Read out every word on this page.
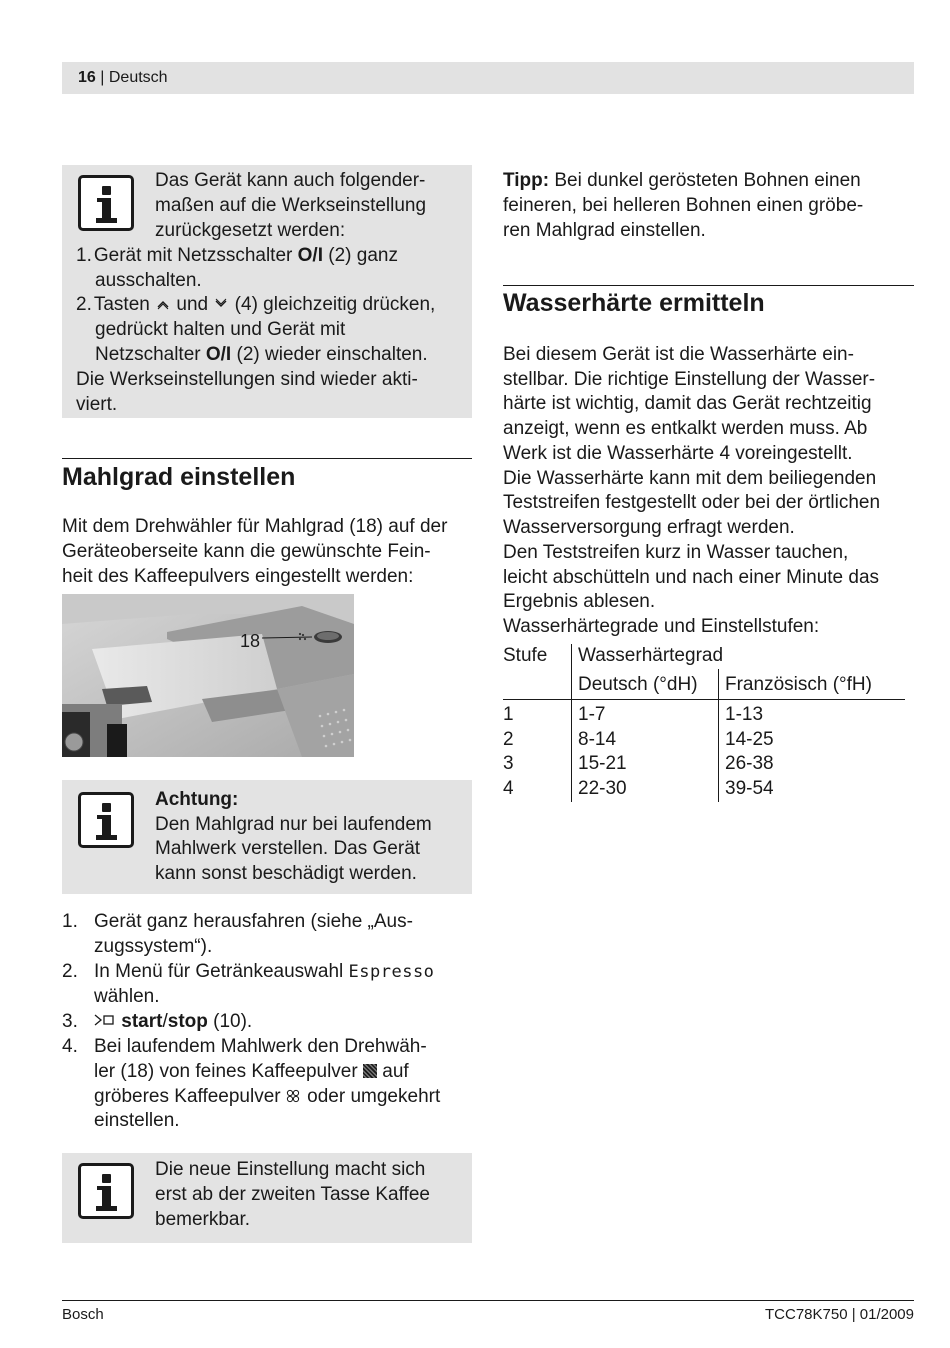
16 | Deutsch
Das Gerät kann auch folgender-
maßen auf die Werkseinstellung
zurückgesetzt werden:
1. Gerät mit Netzsschalter O/I (2) ganz
ausschalten.
2. Tasten  und  (4) gleichzeitig drücken,
gedrückt halten und Gerät mit
Netzschalter O/I (2) wieder einschalten.
Die Werkseinstellungen sind wieder akti-
viert.
Mahlgrad einstellen
Mit dem Drehwähler für Mahlgrad (18) auf der
Geräteoberseite kann die gewünschte Fein-
heit des Kaffeepulvers eingestellt werden:
18
Achtung:
Den Mahlgrad nur bei laufendem
Mahlwerk verstellen. Das Gerät
kann sonst beschädigt werden.
1. Gerät ganz herausfahren (siehe „Aus-
zugssystem“).
2. In Menü für Getränkeauswahl Espresso
wählen.
3.	start/stop (10).
4. Bei laufendem Mahlwerk den Drehwäh-
ler (18) von feines Kaffeepulver  auf
gröberes Kaffeepulver  oder umgekehrt
einstellen.
Die neue Einstellung macht sich
erst ab der zweiten Tasse Kaffee
bemerkbar.
Tipp: Bei dunkel gerösteten Bohnen einen
feineren, bei helleren Bohnen einen gröbe-
ren Mahlgrad einstellen.
Wasserhärte ermitteln
Bei diesem Gerät ist die Wasserhärte ein-
stellbar. Die richtige Einstellung der Wasser-
härte ist wichtig, damit das Gerät rechtzeitig
anzeigt, wenn es entkalkt werden muss. Ab
Werk ist die Wasserhärte 4 voreingestellt.
Die Wasserhärte kann mit dem beiliegenden
Teststreifen festgestellt oder bei der örtlichen
Wasserversorgung erfragt werden.
Den Teststreifen kurz in Wasser tauchen,
leicht abschütteln und nach einer Minute das
Ergebnis ablesen.
Wasserhärtegrade und Einstellstufen:
Stufe	Wasserhärtegrad	
	Deutsch (°dH)	Französisch (°fH)
1	1-7	1-13
2	8-14	14-25
3	15-21	26-38
4	22-30	39-54
Bosch	TCC78K750 | 01/2009
